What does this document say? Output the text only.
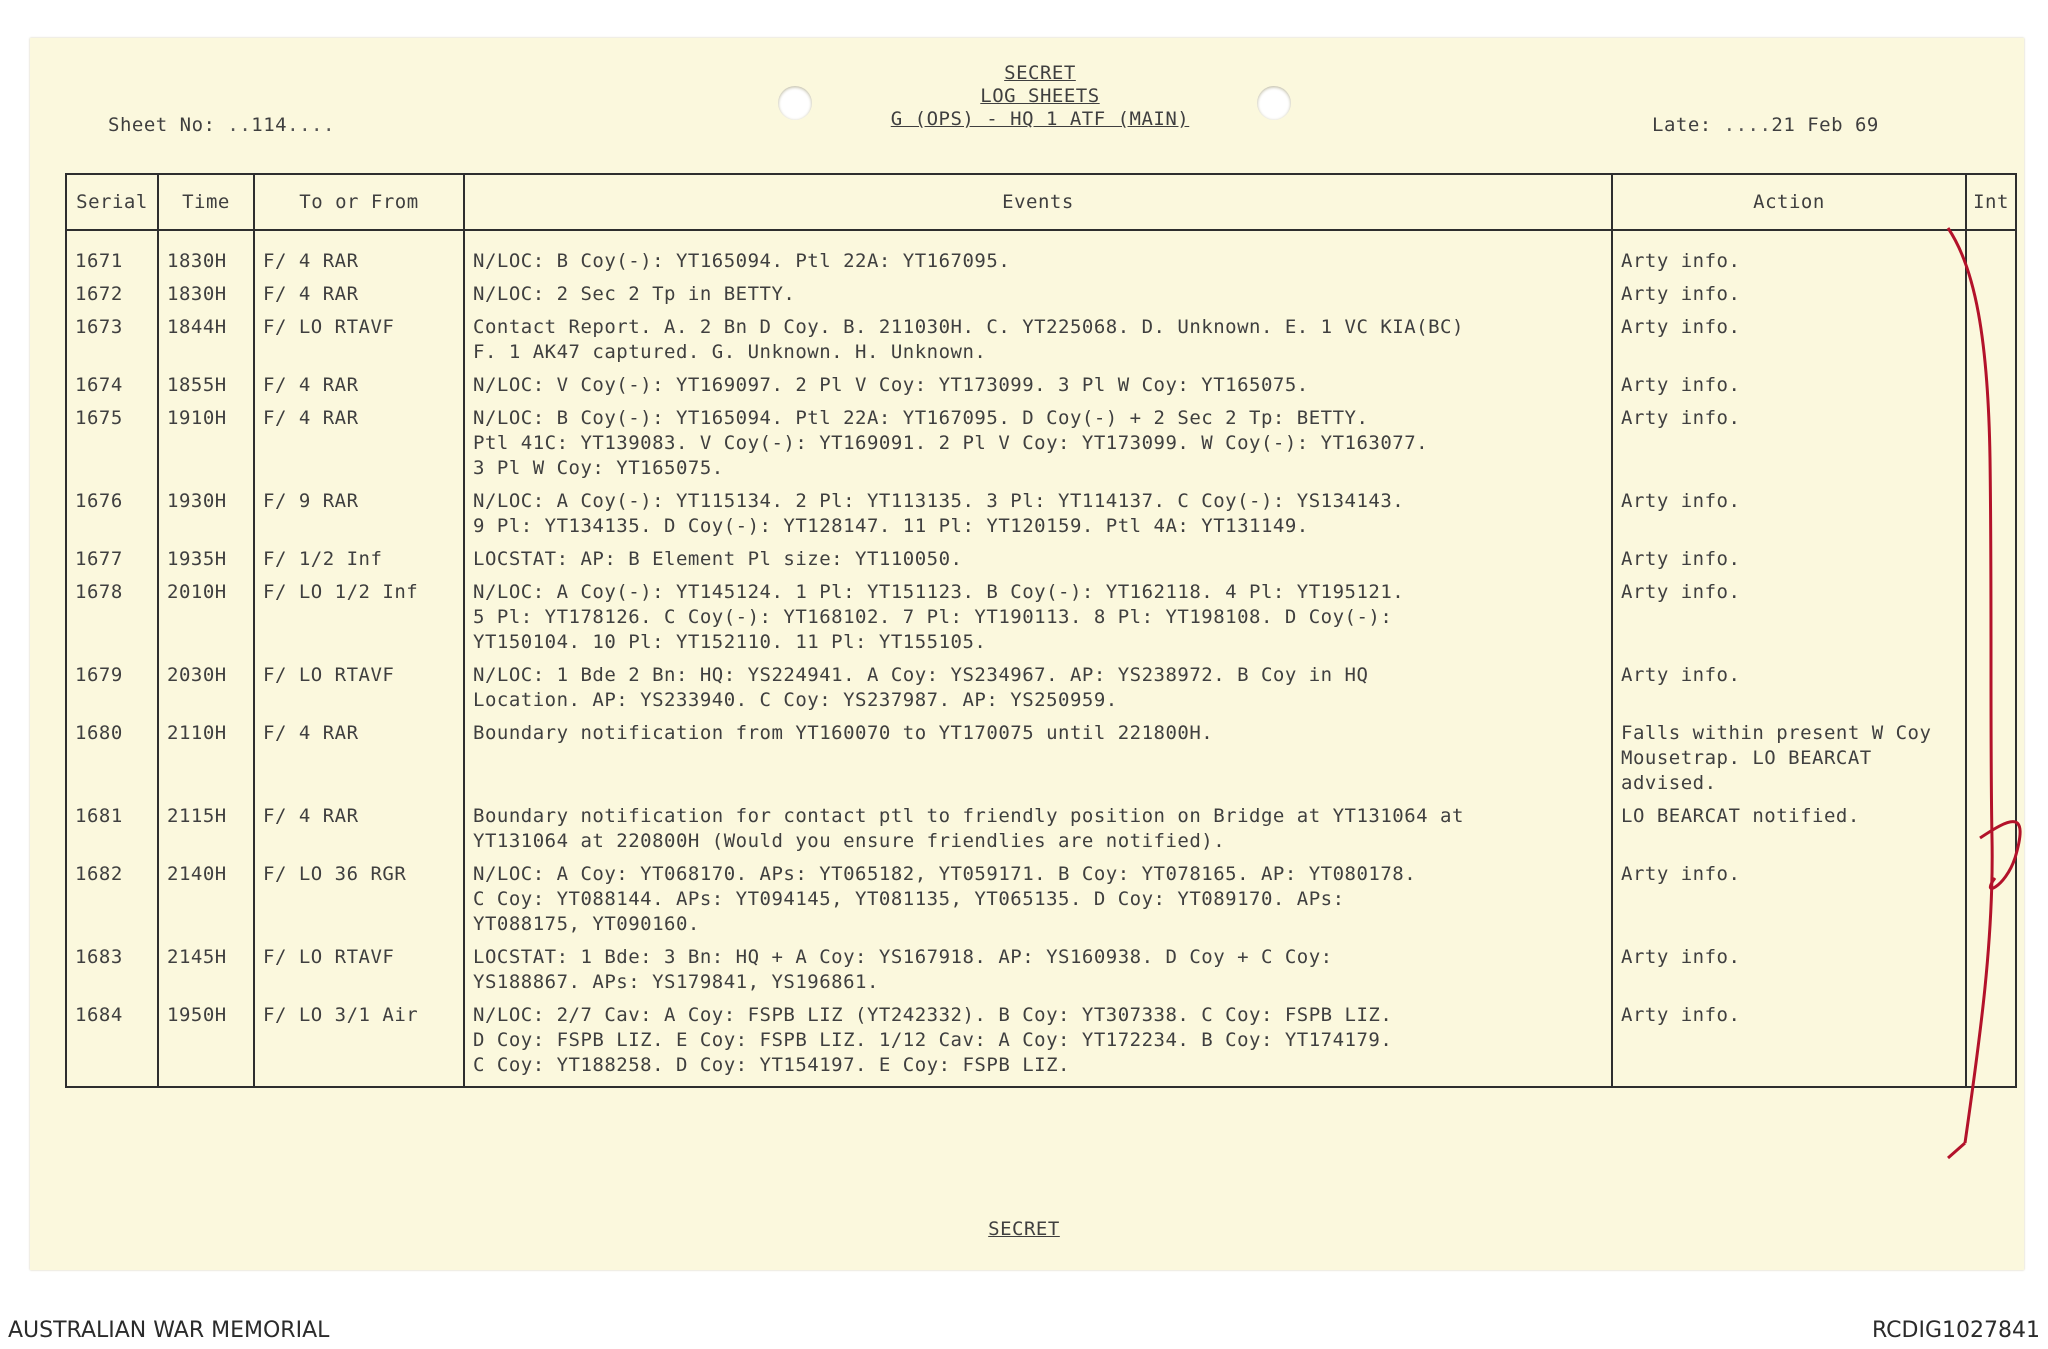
SECRET
LOG SHEETS
G (OPS) - HQ 1 ATF (MAIN)
Sheet No: ..114....	Late: ....21 Feb 69
Serial	Time	To or From	Events	Action	Int

1671	1830H	F/ 4 RAR	N/LOC: B Coy(-): YT165094. Ptl 22A: YT167095.	Arty info.	
1672	1830H	F/ 4 RAR	N/LOC: 2 Sec 2 Tp in BETTY.	Arty info.	
1673	1844H	F/ LO RTAVF	Contact Report. A. 2 Bn D Coy. B. 211030H. C. YT225068. D. Unknown. E. 1 VC KIA(BC)
F. 1 AK47 captured. G. Unknown. H. Unknown.	Arty info.	
1674	1855H	F/ 4 RAR	N/LOC: V Coy(-): YT169097. 2 Pl V Coy: YT173099. 3 Pl W Coy: YT165075.	Arty info.	
1675	1910H	F/ 4 RAR	N/LOC: B Coy(-): YT165094. Ptl 22A: YT167095. D Coy(-) + 2 Sec 2 Tp: BETTY.
Ptl 41C: YT139083. V Coy(-): YT169091. 2 Pl V Coy: YT173099. W Coy(-): YT163077.
3 Pl W Coy: YT165075.	Arty info.	
1676	1930H	F/ 9 RAR	N/LOC: A Coy(-): YT115134. 2 Pl: YT113135. 3 Pl: YT114137. C Coy(-): YS134143.
9 Pl: YT134135. D Coy(-): YT128147. 11 Pl: YT120159. Ptl 4A: YT131149.	Arty info.	
1677	1935H	F/ 1/2 Inf	LOCSTAT: AP: B Element Pl size: YT110050.	Arty info.	
1678	2010H	F/ LO 1/2 Inf	N/LOC: A Coy(-): YT145124. 1 Pl: YT151123. B Coy(-): YT162118. 4 Pl: YT195121.
5 Pl: YT178126. C Coy(-): YT168102. 7 Pl: YT190113. 8 Pl: YT198108. D Coy(-):
YT150104. 10 Pl: YT152110. 11 Pl: YT155105.	Arty info.	
1679	2030H	F/ LO RTAVF	N/LOC: 1 Bde 2 Bn: HQ: YS224941. A Coy: YS234967. AP: YS238972. B Coy in HQ
Location. AP: YS233940. C Coy: YS237987. AP: YS250959.	Arty info.	
1680	2110H	F/ 4 RAR	Boundary notification from YT160070 to YT170075 until 221800H.	Falls within present W Coy
Mousetrap. LO BEARCAT
advised.	
1681	2115H	F/ 4 RAR	Boundary notification for contact ptl to friendly position on Bridge at YT131064 at
YT131064 at 220800H (Would you ensure friendlies are notified).	LO BEARCAT notified.	
1682	2140H	F/ LO 36 RGR	N/LOC: A Coy: YT068170. APs: YT065182, YT059171. B Coy: YT078165. AP: YT080178.
C Coy: YT088144. APs: YT094145, YT081135, YT065135. D Coy: YT089170. APs:
YT088175, YT090160.	Arty info.	
1683	2145H	F/ LO RTAVF	LOCSTAT: 1 Bde: 3 Bn: HQ + A Coy: YS167918. AP: YS160938. D Coy + C Coy:
YS188867. APs: YS179841, YS196861.	Arty info.	
1684	1950H	F/ LO 3/1 Air	N/LOC: 2/7 Cav: A Coy: FSPB LIZ (YT242332). B Coy: YT307338. C Coy: FSPB LIZ.
D Coy: FSPB LIZ. E Coy: FSPB LIZ. 1/12 Cav: A Coy: YT172234. B Coy: YT174179.
C Coy: YT188258. D Coy: YT154197. E Coy: FSPB LIZ.	Arty info.	
SECRET
AUSTRALIAN WAR MEMORIAL	RCDIG1027841
